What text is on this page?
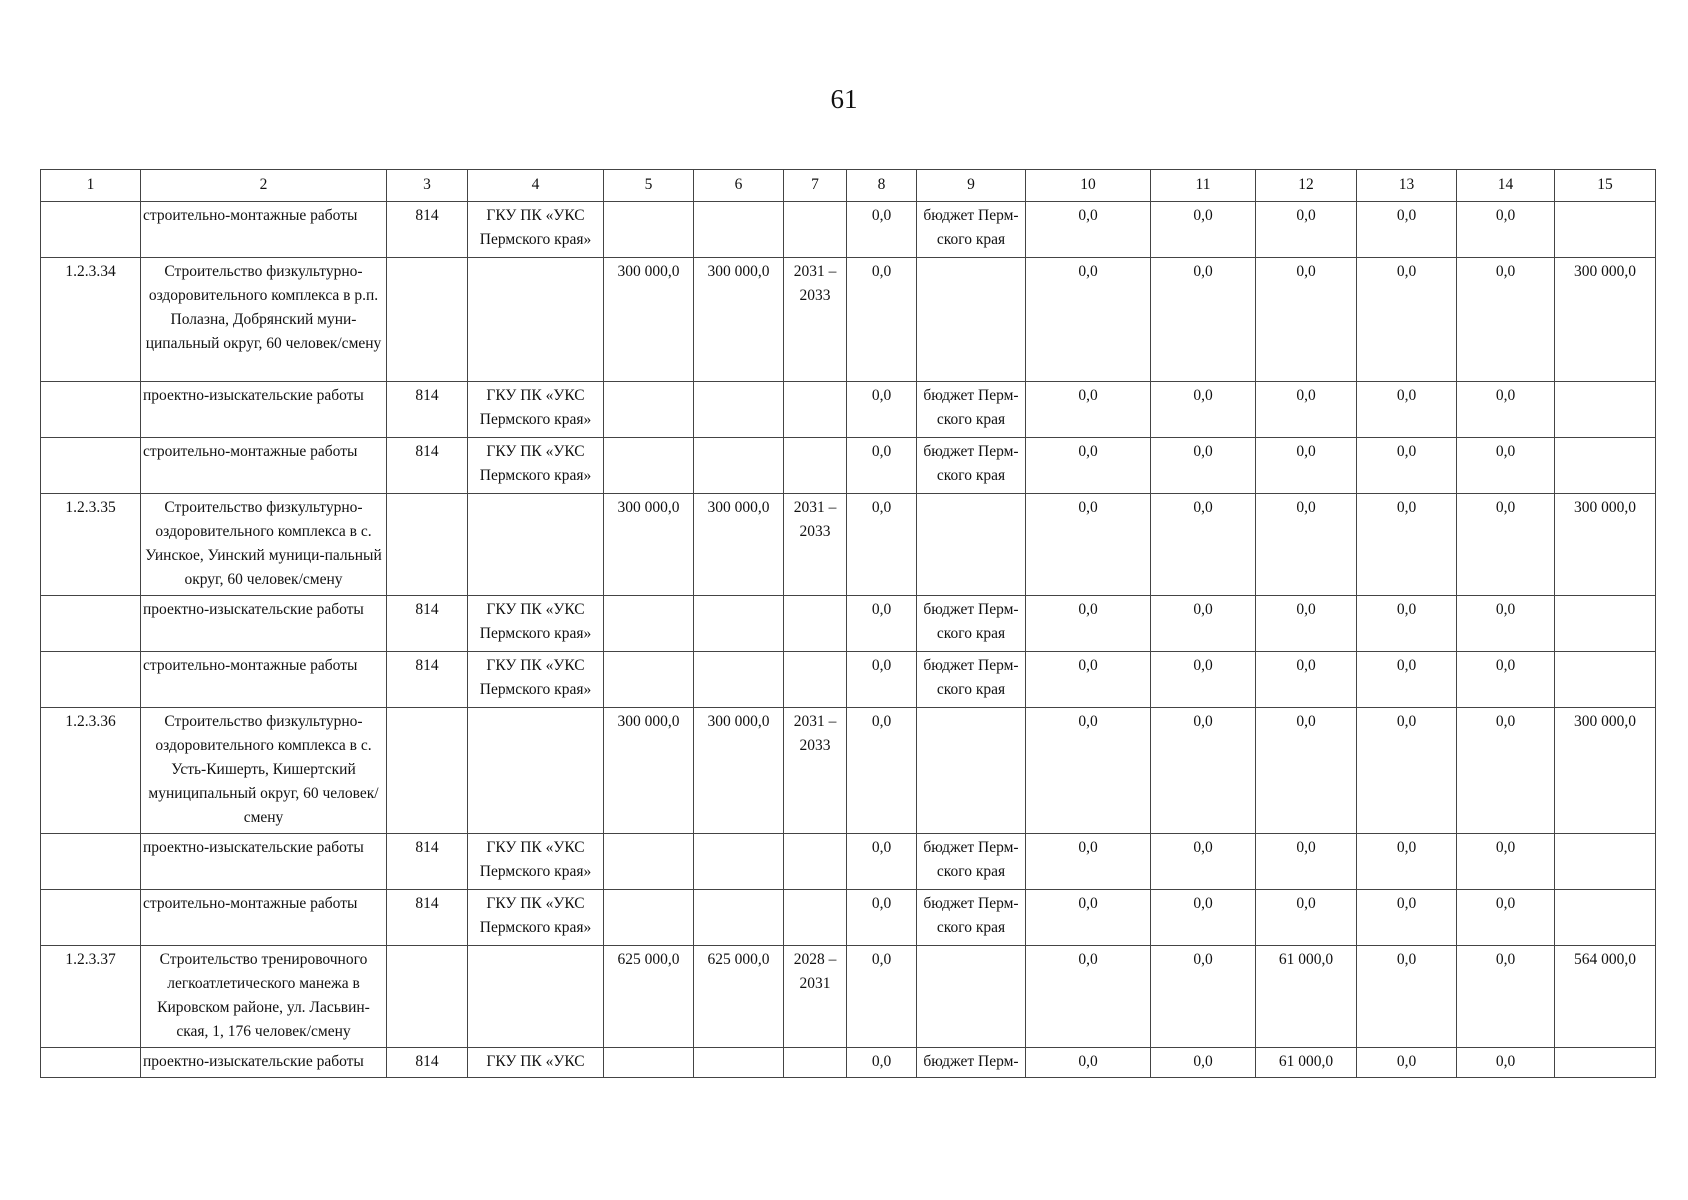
61
1	2	3	4	5	6	7	8	9	10	11	12	13	14	15
	строительно-монтажные работы	814	ГКУ ПК «УКС Пермского края»				0,0	бюджет Перм-ского края	0,0	0,0	0,0	0,0	0,0	
1.2.3.34	Строительство физкультурно-оздоровительного комплекса в р.п. Полазна, Добрянский муни-ципальный округ, 60 человек/смену			300 000,0	300 000,0	2031 – 2033	0,0		0,0	0,0	0,0	0,0	0,0	300 000,0
	проектно-изыскательские работы	814	ГКУ ПК «УКС Пермского края»				0,0	бюджет Перм-ского края	0,0	0,0	0,0	0,0	0,0	
	строительно-монтажные работы	814	ГКУ ПК «УКС Пермского края»				0,0	бюджет Перм-ского края	0,0	0,0	0,0	0,0	0,0	
1.2.3.35	Строительство физкультурно-оздоровительного комплекса в с. Уинское, Уинский муници-пальный округ, 60 человек/смену			300 000,0	300 000,0	2031 – 2033	0,0		0,0	0,0	0,0	0,0	0,0	300 000,0
	проектно-изыскательские работы	814	ГКУ ПК «УКС Пермского края»				0,0	бюджет Перм-ского края	0,0	0,0	0,0	0,0	0,0	
	строительно-монтажные работы	814	ГКУ ПК «УКС Пермского края»				0,0	бюджет Перм-ского края	0,0	0,0	0,0	0,0	0,0	
1.2.3.36	Строительство физкультурно-оздоровительного комплекса в с. Усть-Кишерть, Кишертский муниципальный округ, 60 человек/смену			300 000,0	300 000,0	2031 – 2033	0,0		0,0	0,0	0,0	0,0	0,0	300 000,0
	проектно-изыскательские работы	814	ГКУ ПК «УКС Пермского края»				0,0	бюджет Перм-ского края	0,0	0,0	0,0	0,0	0,0	
	строительно-монтажные работы	814	ГКУ ПК «УКС Пермского края»				0,0	бюджет Перм-ского края	0,0	0,0	0,0	0,0	0,0	
1.2.3.37	Строительство тренировочного легкоатлетического манежа в Кировском районе, ул. Ласьвин-ская, 1, 176 человек/смену			625 000,0	625 000,0	2028 – 2031	0,0		0,0	0,0	61 000,0	0,0	0,0	564 000,0
	проектно-изыскательские работы	814	ГКУ ПК «УКС				0,0	бюджет Перм-	0,0	0,0	61 000,0	0,0	0,0	
